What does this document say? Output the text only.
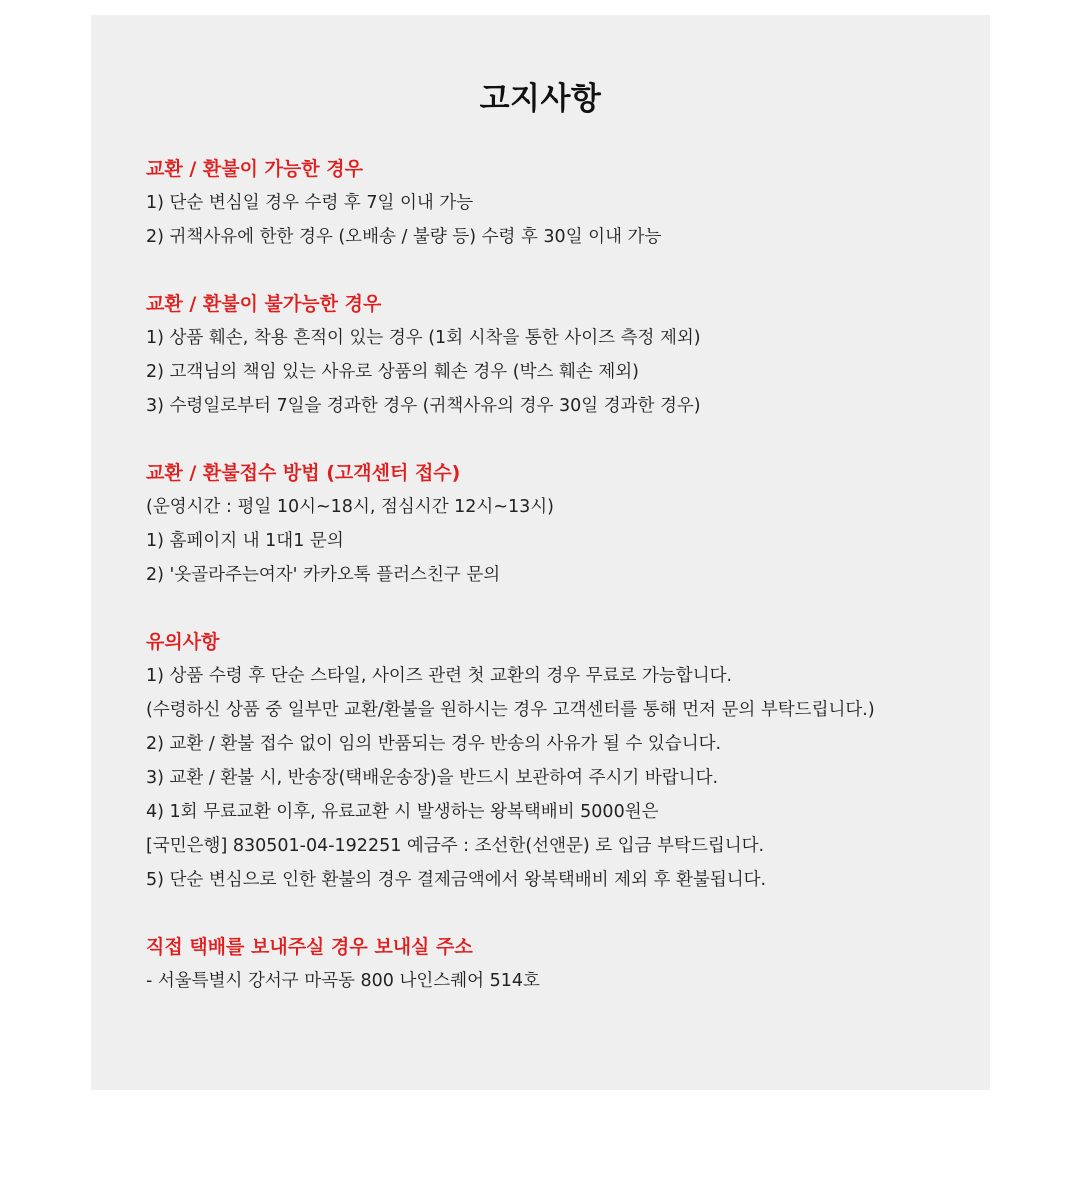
고지사항

교환 / 환불이 가능한 경우

1) 단순 변심일 경우 수령 후 7일 이내 가능

2) 귀책사유에 한한 경우 (오배송 / 불량 등) 수령 후 30일 이내 가능

교환 / 환불이 불가능한 경우

1) 상품 훼손, 착용 흔적이 있는 경우 (1회 시착을 통한 사이즈 측정 제외)

2) 고객님의 책임 있는 사유로 상품의 훼손 경우 (박스 훼손 제외)

3) 수령일로부터 7일을 경과한 경우 (귀책사유의 경우 30일 경과한 경우)

교환 / 환불접수 방법 (고객센터 접수)

(운영시간 : 평일 10시~18시, 점심시간 12시~13시)

1) 홈페이지 내 1대1 문의

2) '옷골라주는여자' 카카오톡 플러스친구 문의

유의사항

1) 상품 수령 후 단순 스타일, 사이즈 관련 첫 교환의 경우 무료로 가능합니다.

(수령하신 상품 중 일부만 교환/환불을 원하시는 경우 고객센터를 통해 먼저 문의 부탁드립니다.)

2) 교환 / 환불 접수 없이 임의 반품되는 경우 반송의 사유가 될 수 있습니다.

3) 교환 / 환불 시, 반송장(택배운송장)을 반드시 보관하여 주시기 바랍니다.

4) 1회 무료교환 이후, 유료교환 시 발생하는 왕복택배비 5000원은

[국민은행] 830501-04-192251 예금주 : 조선한(선앤문) 로 입금 부탁드립니다.

5) 단순 변심으로 인한 환불의 경우 결제금액에서 왕복택배비 제외 후 환불됩니다.

직접 택배를 보내주실 경우 보내실 주소

- 서울특별시 강서구 마곡동 800 나인스퀘어 514호
